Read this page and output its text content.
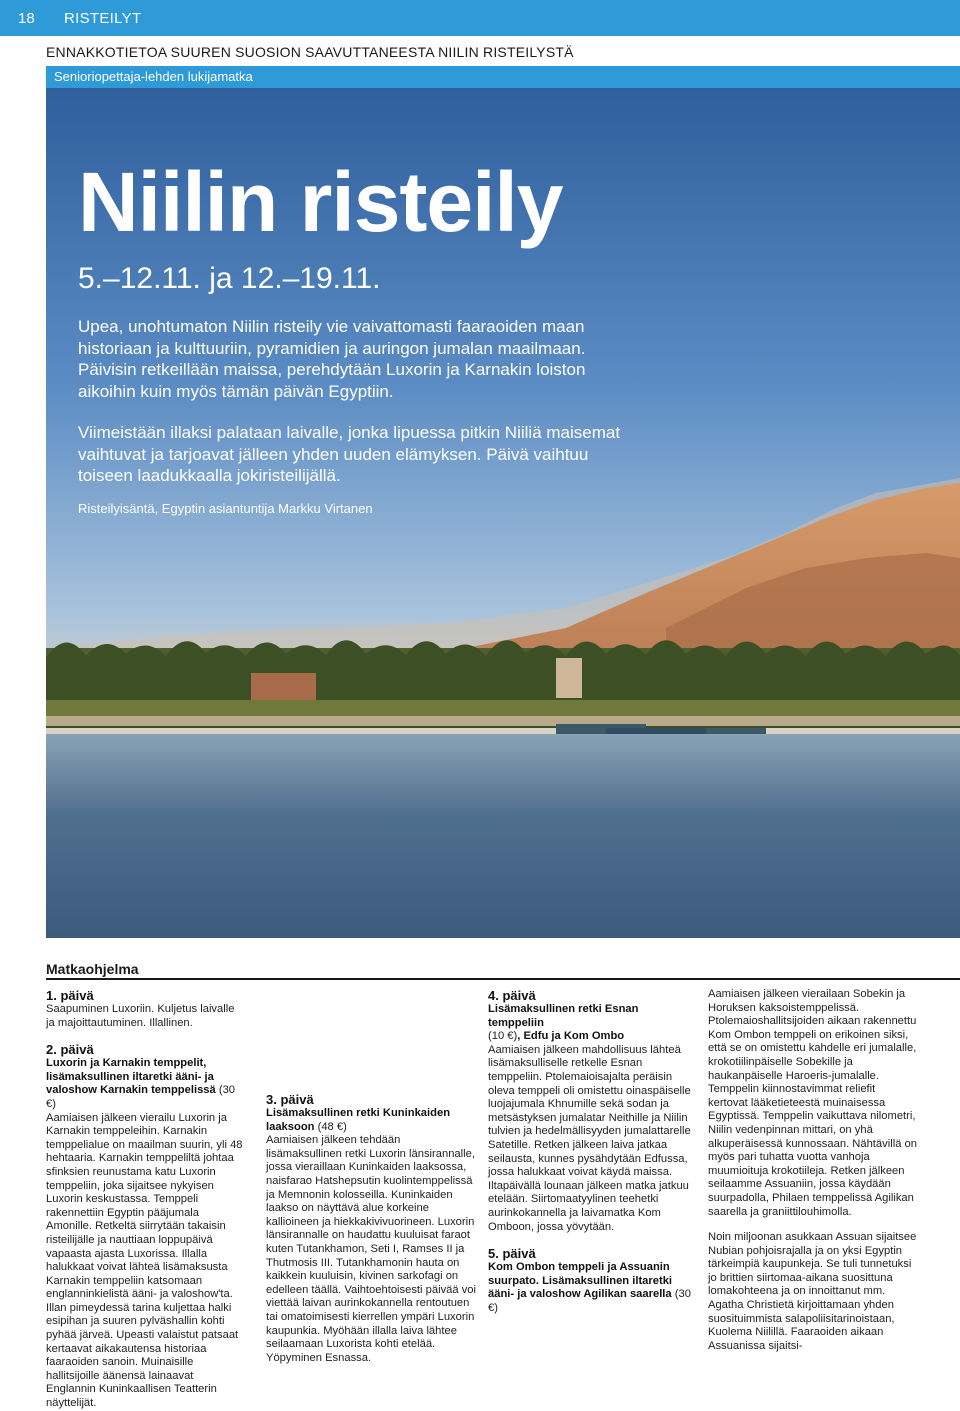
18 RISTEILYT
ENNAKKOTIETOA SUUREN SUOSION SAAVUTTANEESTA NIILIN RISTEILYSTÄ
Senioriopettaja-lehden lukijamatka
Niilin risteily
5.–12.11. ja 12.–19.11.

Upea, unohtumaton Niilin risteily vie vaivattomasti faaraoiden maan historiaan ja kulttuuriin, pyramidien ja auringon jumalan maailmaan. Päivisin retkeillään maissa, perehdytään Luxorin ja Karnakin loiston aikoihin kuin myös tämän päivän Egyptiin.

Viimeistään illaksi palataan laivalle, jonka lipuessa pitkin Niiliä maisemat vaihtuvat ja tarjoavat jälleen yhden uuden elämyksen. Päivä vaihtuu toiseen laadukkaalla jokiristeilijällä.

Risteilyisäntä, Egyptin asiantuntija Markku Virtanen
Matkaohjelma

1. päivä

Saapuminen Luxoriin. Kuljetus laivalle ja majoittautuminen. Illallinen.

2. päivä

Luxorin ja Karnakin temppelit, lisämaksullinen iltaretki ääni- ja valoshow Karnakin temppelissä (30 €)

Aamiaisen jälkeen vierailu Luxorin ja Karnakin temppeleihin. Karnakin temppelialue on maailman suurin, yli 48 hehtaaria. Karnakin temppeliltä johtaa sfinksien reunustama katu Luxorin temppeliin, joka sijaitsee nykyisen Luxorin keskustassa. Temppeli rakennettiin Egyptin pääjumala Amonille. Retkeltä siirrytään takaisin risteilijälle ja nauttiaan loppupäivä vapaasta ajasta Luxorissa. Illalla halukkaat voivat lähteä lisämaksusta Karnakin temppeliin katsomaan englanninkielistä ääni- ja valoshow'ta. Illan pimeydessä tarina kuljettaa halki esipihan ja suuren pylväshallin kohti pyhää järveä. Upeasti valaistut patsaat kertaavat aikakautensa historiaa faaraoiden sanoin. Muinaisille hallitsijoille äänensä lainaavat Englannin Kuninkaallisen Teatterin näyttelijät.

3. päivä

Lisämaksullinen retki Kuninkaiden laaksoon (48 €)

Aamiaisen jälkeen tehdään lisämaksullinen retki Luxorin länsirannalle, jossa vieraillaan Kuninkaiden laaksossa, naisfarao Hatshepsutin kuolintemppelissä ja Memnonin kolosseilla. Kuninkaiden laakso on näyttävä alue korkeine kallioineen ja hiekkakivivuorineen. Luxorin länsirannalle on haudattu kuuluisat faraot kuten Tutankhamon, Seti I, Ramses II ja Thutmosis III. Tutankhamonin hauta on kaikkein kuuluisin, kivinen sarkofagi on edelleen täällä. Vaihtoehtoisesti päivää voi viettää laivan aurinkokannella rentoutuen tai omatoimisesti kierrellen ympäri Luxorin kaupunkia. Myöhään illalla laiva lähtee seilaamaan Luxorista kohti etelää. Yöpyminen Esnassa.

4. päivä

Lisämaksullinen retki Esnan temppeliin

(10 €), Edfu ja Kom Ombo

Aamiaisen jälkeen mahdollisuus lähteä lisämaksulliselle retkelle Esnan temppeliin. Ptolemaioisajalta peräisin oleva temppeli oli omistettu oinaspäiselle luojajumala Khnumille sekä sodan ja metsästyksen jumalatar Neithille ja Niilin tulvien ja hedelmällisyyden jumalattarelle Satetille. Retken jälkeen laiva jatkaa seilausta, kunnes pysähdytään Edfussa, jossa halukkaat voivat käydä maissa. Iltapäivällä lounaan jälkeen matka jatkuu etelään. Siirtomaatyylinen teehetki aurinkokannella ja laivamatka Kom Omboon, jossa yövytään.

5. päivä

Kom Ombon temppeli ja Assuanin suurpato. Lisämaksullinen iltaretki ääni- ja valoshow Agilikan saarella (30 €)

Aamiaisen jälkeen vierailaan Sobekin ja Horuksen kaksoistemppelissä. Ptolemaioshallitsijoiden aikaan rakennettu Kom Ombon temppeli on erikoinen siksi, että se on omistettu kahdelle eri jumalalle, krokotiilinpäiselle Sobekille ja haukanpäiselle Haroeris-jumalalle. Temppelin kiinnostavimmat reliefit kertovat lääketieteestä muinaisessa Egyptissä. Temppelin vaikuttava nilometri, Niilin vedenpinnan mittari, on yhä alkuperäisessä kunnossaan. Nähtävillä on myös pari tuhatta vuotta vanhoja muumioituja krokotiileja. Retken jälkeen seilaamme Assuaniin, jossa käydään suurpadolla, Philaen temppelissä Agilikan saarella ja graniittilouhimolla.

Noin miljoonan asukkaan Assuan sijaitsee Nubian pohjoisrajalla ja on yksi Egyptin tärkeimpiä kaupunkeja. Se tuli tunnetuksi jo brittien siirtomaa-aikana suosittuna lomakohteena ja on innoittanut mm. Agatha Christietä kirjoittamaan yhden suosituimmista salapoliisitarinoistaan, Kuolema Niilillä. Faaraoiden aikaan Assuanissa sijaitsi-
